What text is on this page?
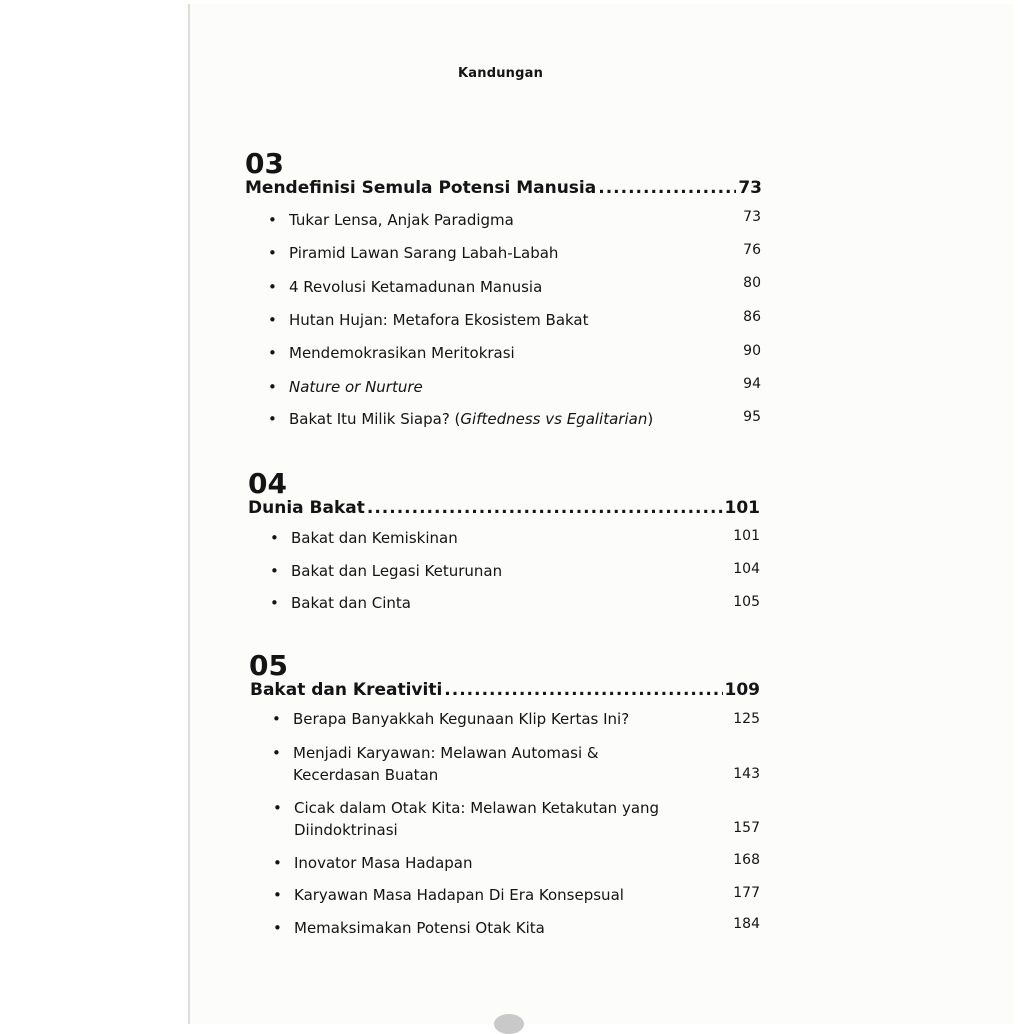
Kandungan
03
Mendefinisi Semula Potensi Manusia .....	73
• Tukar Lensa, Anjak Paradigma	73
• Piramid Lawan Sarang Labah-Labah	76
• 4 Revolusi Ketamadunan Manusia	80
• Hutan Hujan: Metafora Ekosistem Bakat	86
• Mendemokrasikan Meritokrasi	90
• Nature or Nurture	94
• Bakat Itu Milik Siapa? (Giftedness vs Egalitarian)	95
04
Dunia Bakat .....	101
• Bakat dan Kemiskinan	101
• Bakat dan Legasi Keturunan	104
• Bakat dan Cinta	105
05
Bakat dan Kreativiti .....	109
• Berapa Banyakkah Kegunaan Klip Kertas Ini?	125
• Menjadi Karyawan: Melawan Automasi &
Kecerdasan Buatan	143
• Cicak dalam Otak Kita: Melawan Ketakutan yang
Diindoktrinasi	157
• Inovator Masa Hadapan	168
• Karyawan Masa Hadapan Di Era Konsepsual	177
• Memaksimakan Potensi Otak Kita	184
